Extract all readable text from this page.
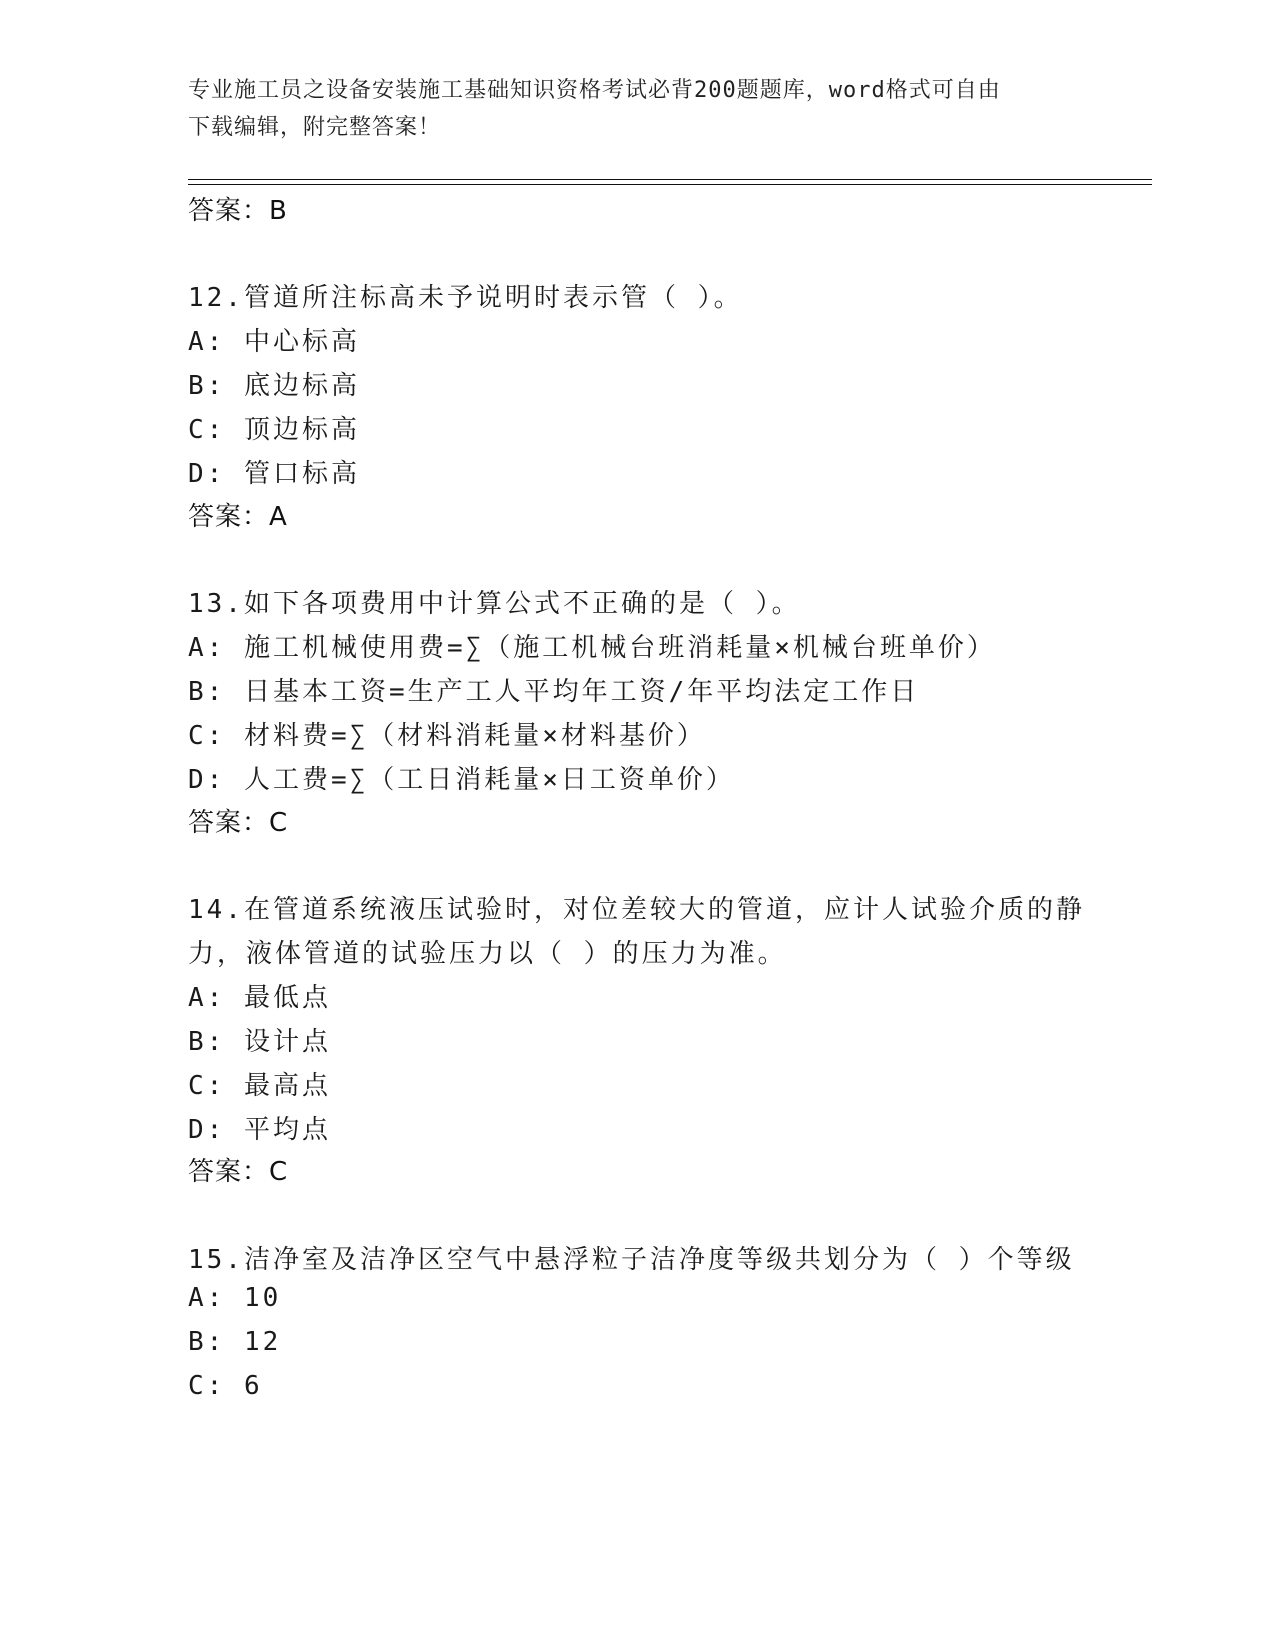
专业施工员之设备安装施工基础知识资格考试必背200题题库，word格式可自由
下载编辑，附完整答案！
答案：B
12.管道所注标高未予说明时表示管（ ）。
A: 中心标高
B: 底边标高
C: 顶边标高
D: 管口标高
答案：A
13.如下各项费用中计算公式不正确的是（ ）。
A: 施工机械使用费=∑（施工机械台班消耗量×机械台班单价）
B: 日基本工资=生产工人平均年工资/年平均法定工作日
C: 材料费=∑（材料消耗量×材料基价）
D: 人工费=∑（工日消耗量×日工资单价）
答案：C
14.在管道系统液压试验时，对位差较大的管道，应计人试验介质的静
力，液体管道的试验压力以（ ）的压力为准。
A: 最低点
B: 设计点
C: 最高点
D: 平均点
答案：C
15.洁净室及洁净区空气中悬浮粒子洁净度等级共划分为（ ）个等级
A: 10
B: 12
C: 6
